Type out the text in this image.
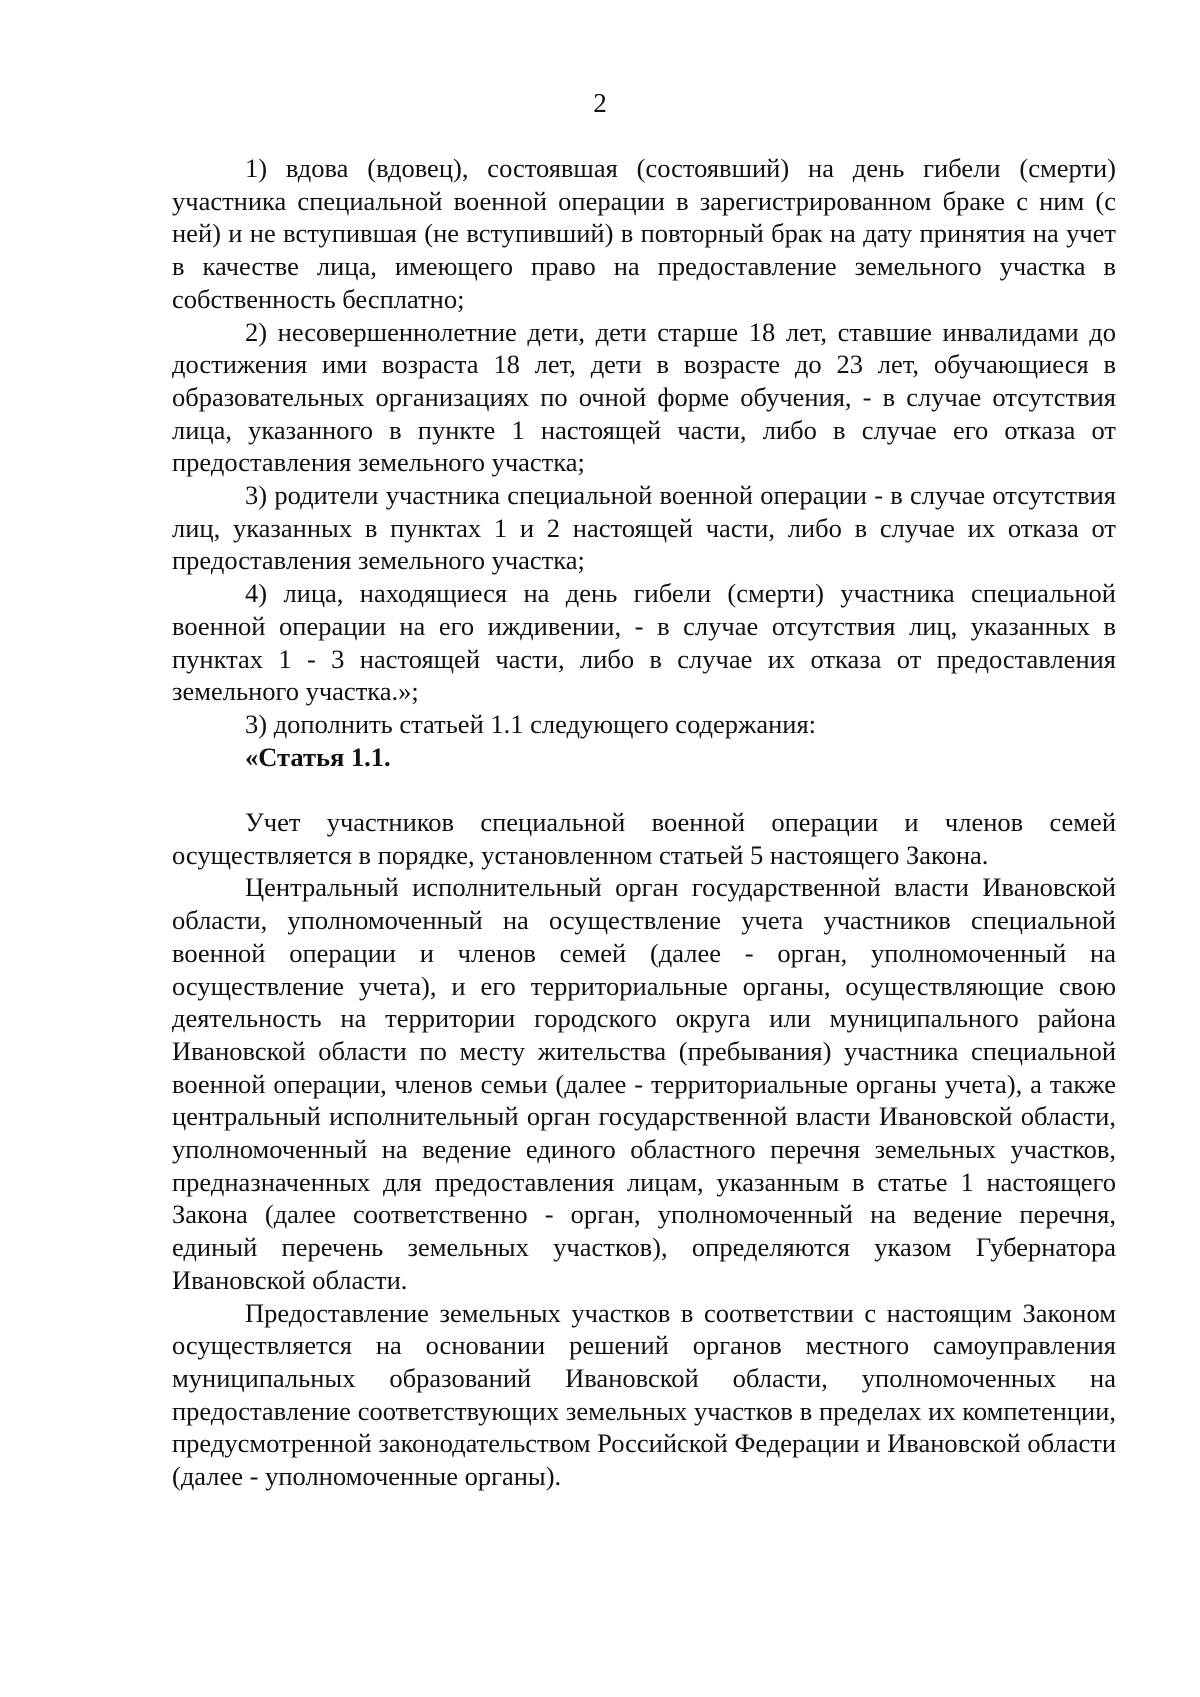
2

1) вдова (вдовец), состоявшая (состоявший) на день гибели (смерти) участника специальной военной операции в зарегистрированном браке с ним (с ней) и не вступившая (не вступивший) в повторный брак на дату принятия на учет в качестве лица, имеющего право на предоставление земельного участка в собственность бесплатно;

2) несовершеннолетние дети, дети старше 18 лет, ставшие инвалидами до достижения ими возраста 18 лет, дети в возрасте до 23 лет, обучающиеся в образовательных организациях по очной форме обучения, - в случае отсутствия лица, указанного в пункте 1 настоящей части, либо в случае его отказа от предоставления земельного участка;

3) родители участника специальной военной операции - в случае отсутствия лиц, указанных в пунктах 1 и 2 настоящей части, либо в случае их отказа от предоставления земельного участка;

4) лица, находящиеся на день гибели (смерти) участника специальной военной операции на его иждивении, - в случае отсутствия лиц, указанных в пунктах 1 - 3 настоящей части, либо в случае их отказа от предоставления земельного участка.»;

3) дополнить статьей 1.1 следующего содержания:

«Статья 1.1.

Учет участников специальной военной операции и членов семей осуществляется в порядке, установленном статьей 5 настоящего Закона.

Центральный исполнительный орган государственной власти Ивановской области, уполномоченный на осуществление учета участников специальной военной операции и членов семей (далее - орган, уполномоченный на осуществление учета), и его территориальные органы, осуществляющие свою деятельность на территории городского округа или муниципального района Ивановской области по месту жительства (пребывания) участника специальной военной операции, членов семьи (далее - территориальные органы учета), а также центральный исполнительный орган государственной власти Ивановской области, уполномоченный на ведение единого областного перечня земельных участков, предназначенных для предоставления лицам, указанным в статье 1 настоящего Закона (далее соответственно - орган, уполномоченный на ведение перечня, единый перечень земельных участков), определяются указом Губернатора Ивановской области.

Предоставление земельных участков в соответствии с настоящим Законом осуществляется на основании решений органов местного самоуправления муниципальных образований Ивановской области, уполномоченных на предоставление соответствующих земельных участков в пределах их компетенции, предусмотренной законодательством Российской Федерации и Ивановской области (далее - уполномоченные органы).
